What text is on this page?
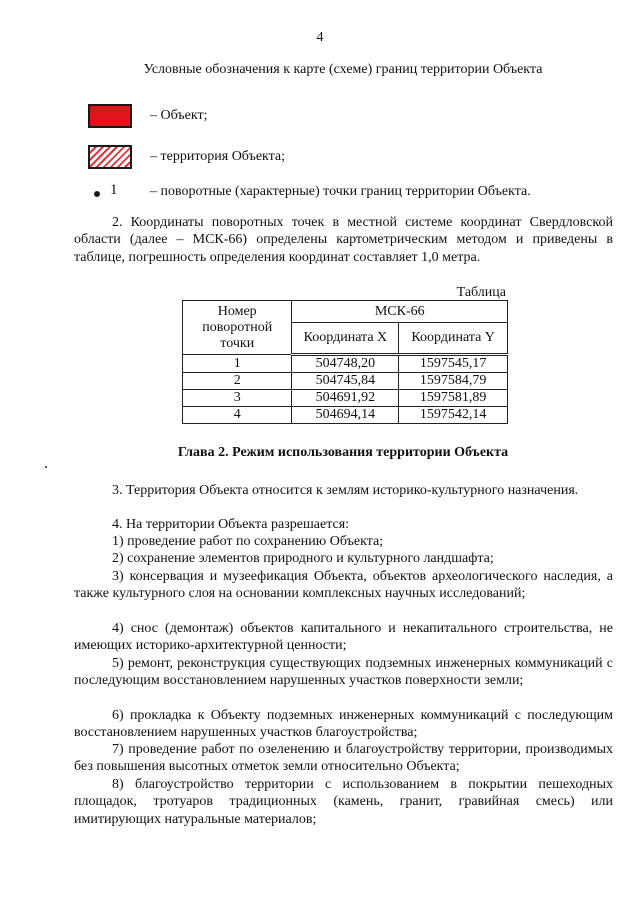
4
Условные обозначения к карте (схеме) границ территории Объекта
– Объект;
– территория Объекта;
1 – поворотные (характерные) точки границ территории Объекта.

2. Координаты поворотных точек в местной системе координат Свердловской области (далее – МСК-66) определены картометрическим методом и приведены в таблице, погрешность определения координат составляет 1,0 метра.

Таблица
Номер поворотной точки	МСК-66	
	Координата X	Координата Y
1	504748,20	1597545,17
2	504745,84	1597584,79
3	504691,92	1597581,89
4	504694,14	1597542,14
Глава 2. Режим использования территории Объекта

3. Территория Объекта относится к землям историко-культурного назначения.

4. На территории Объекта разрешается:

1) проведение работ по сохранению Объекта;

2) сохранение элементов природного и культурного ландшафта;

3) консервация и музеефикация Объекта, объектов археологического наследия, а также культурного слоя на основании комплексных научных исследований;

4) снос (демонтаж) объектов капитального и некапитального строительства, не имеющих историко-архитектурной ценности;

5) ремонт, реконструкция существующих подземных инженерных коммуникаций с последующим восстановлением нарушенных участков поверхности земли;

6) прокладка к Объекту подземных инженерных коммуникаций с последующим восстановлением нарушенных участков благоустройства;

7) проведение работ по озеленению и благоустройству территории, производимых без повышения высотных отметок земли относительно Объекта;

8) благоустройство территории с использованием в покрытии пешеходных площадок, тротуаров традиционных (камень, гранит, гравийная смесь) или имитирующих натуральные материалов;
